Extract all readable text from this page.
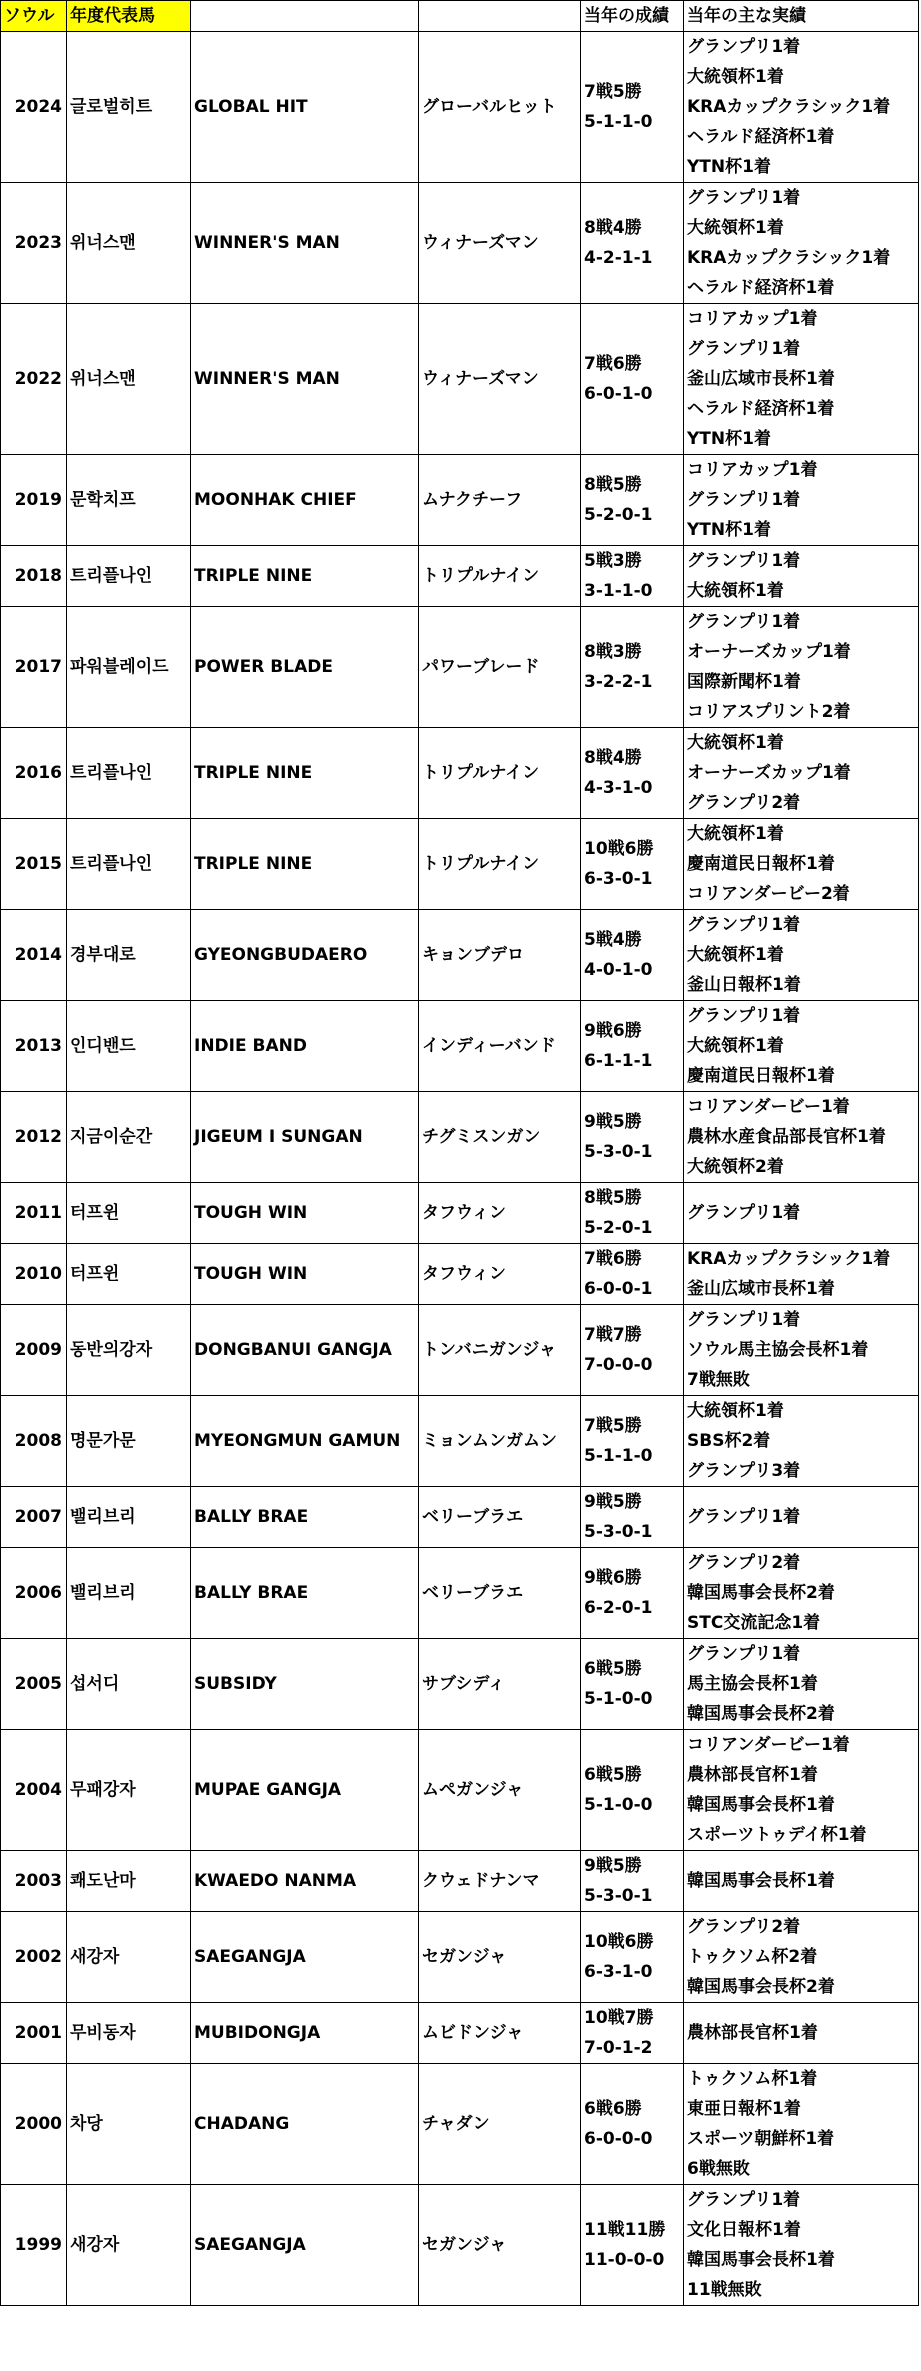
ソウル	年度代表馬			当年の成績	当年の主な実績
2024	글로벌히트	GLOBAL HIT	グローバルヒット	7戦5勝
5-1-1-0	グランプリ1着
大統領杯1着
KRAカップクラシック1着
ヘラルド経済杯1着
YTN杯1着

2023	위너스맨	WINNER'S MAN	ウィナーズマン	8戦4勝
4-2-1-1	グランプリ1着
大統領杯1着
KRAカップクラシック1着
ヘラルド経済杯1着

2022	위너스맨	WINNER'S MAN	ウィナーズマン	7戦6勝
6-0-1-0	コリアカップ1着
グランプリ1着
釜山広域市長杯1着
ヘラルド経済杯1着
YTN杯1着

2019	문학치프	MOONHAK CHIEF	ムナクチーフ	8戦5勝
5-2-0-1	コリアカップ1着
グランプリ1着
YTN杯1着

2018	트리플나인	TRIPLE NINE	トリプルナイン	5戦3勝
3-1-1-0	グランプリ1着
大統領杯1着

2017	파워블레이드	POWER BLADE	パワーブレード	8戦3勝
3-2-2-1	グランプリ1着
オーナーズカップ1着
国際新聞杯1着
コリアスプリント2着

2016	트리플나인	TRIPLE NINE	トリプルナイン	8戦4勝
4-3-1-0	大統領杯1着
オーナーズカップ1着
グランプリ2着

2015	트리플나인	TRIPLE NINE	トリプルナイン	10戦6勝
6-3-0-1	大統領杯1着
慶南道民日報杯1着
コリアンダービー2着

2014	경부대로	GYEONGBUDAERO	キョンブデロ	5戦4勝
4-0-1-0	グランプリ1着
大統領杯1着
釜山日報杯1着

2013	인디밴드	INDIE BAND	インディーバンド	9戦6勝
6-1-1-1	グランプリ1着
大統領杯1着
慶南道民日報杯1着

2012	지금이순간	JIGEUM I SUNGAN	チグミスンガン	9戦5勝
5-3-0-1	コリアンダービー1着
農林水産食品部長官杯1着
大統領杯2着

2011	터프윈	TOUGH WIN	タフウィン	8戦5勝
5-2-0-1	グランプリ1着

2010	터프윈	TOUGH WIN	タフウィン	7戦6勝
6-0-0-1	KRAカップクラシック1着
釜山広域市長杯1着

2009	동반의강자	DONGBANUI GANGJA	トンバニガンジャ	7戦7勝
7-0-0-0	グランプリ1着
ソウル馬主協会長杯1着
7戦無敗

2008	명문가문	MYEONGMUN GAMUN	ミョンムンガムン	7戦5勝
5-1-1-0	大統領杯1着
SBS杯2着
グランプリ3着

2007	밸리브리	BALLY BRAE	ベリーブラエ	9戦5勝
5-3-0-1	グランプリ1着

2006	밸리브리	BALLY BRAE	ベリーブラエ	9戦6勝
6-2-0-1	グランプリ2着
韓国馬事会長杯2着
STC交流記念1着

2005	섭서디	SUBSIDY	サブシディ	6戦5勝
5-1-0-0	グランプリ1着
馬主協会長杯1着
韓国馬事会長杯2着

2004	무패강자	MUPAE GANGJA	ムペガンジャ	6戦5勝
5-1-0-0	コリアンダービー1着
農林部長官杯1着
韓国馬事会長杯1着
スポーツトゥデイ杯1着

2003	쾌도난마	KWAEDO NANMA	クウェドナンマ	9戦5勝
5-3-0-1	韓国馬事会長杯1着

2002	새강자	SAEGANGJA	セガンジャ	10戦6勝
6-3-1-0	グランプリ2着
トゥクソム杯2着
韓国馬事会長杯2着

2001	무비동자	MUBIDONGJA	ムビドンジャ	10戦7勝
7-0-1-2	農林部長官杯1着

2000	차당	CHADANG	チャダン	6戦6勝
6-0-0-0	トゥクソム杯1着
東亜日報杯1着
スポーツ朝鮮杯1着
6戦無敗

1999	새강자	SAEGANGJA	セガンジャ	11戦11勝
11-0-0-0	グランプリ1着
文化日報杯1着
韓国馬事会長杯1着
11戦無敗
